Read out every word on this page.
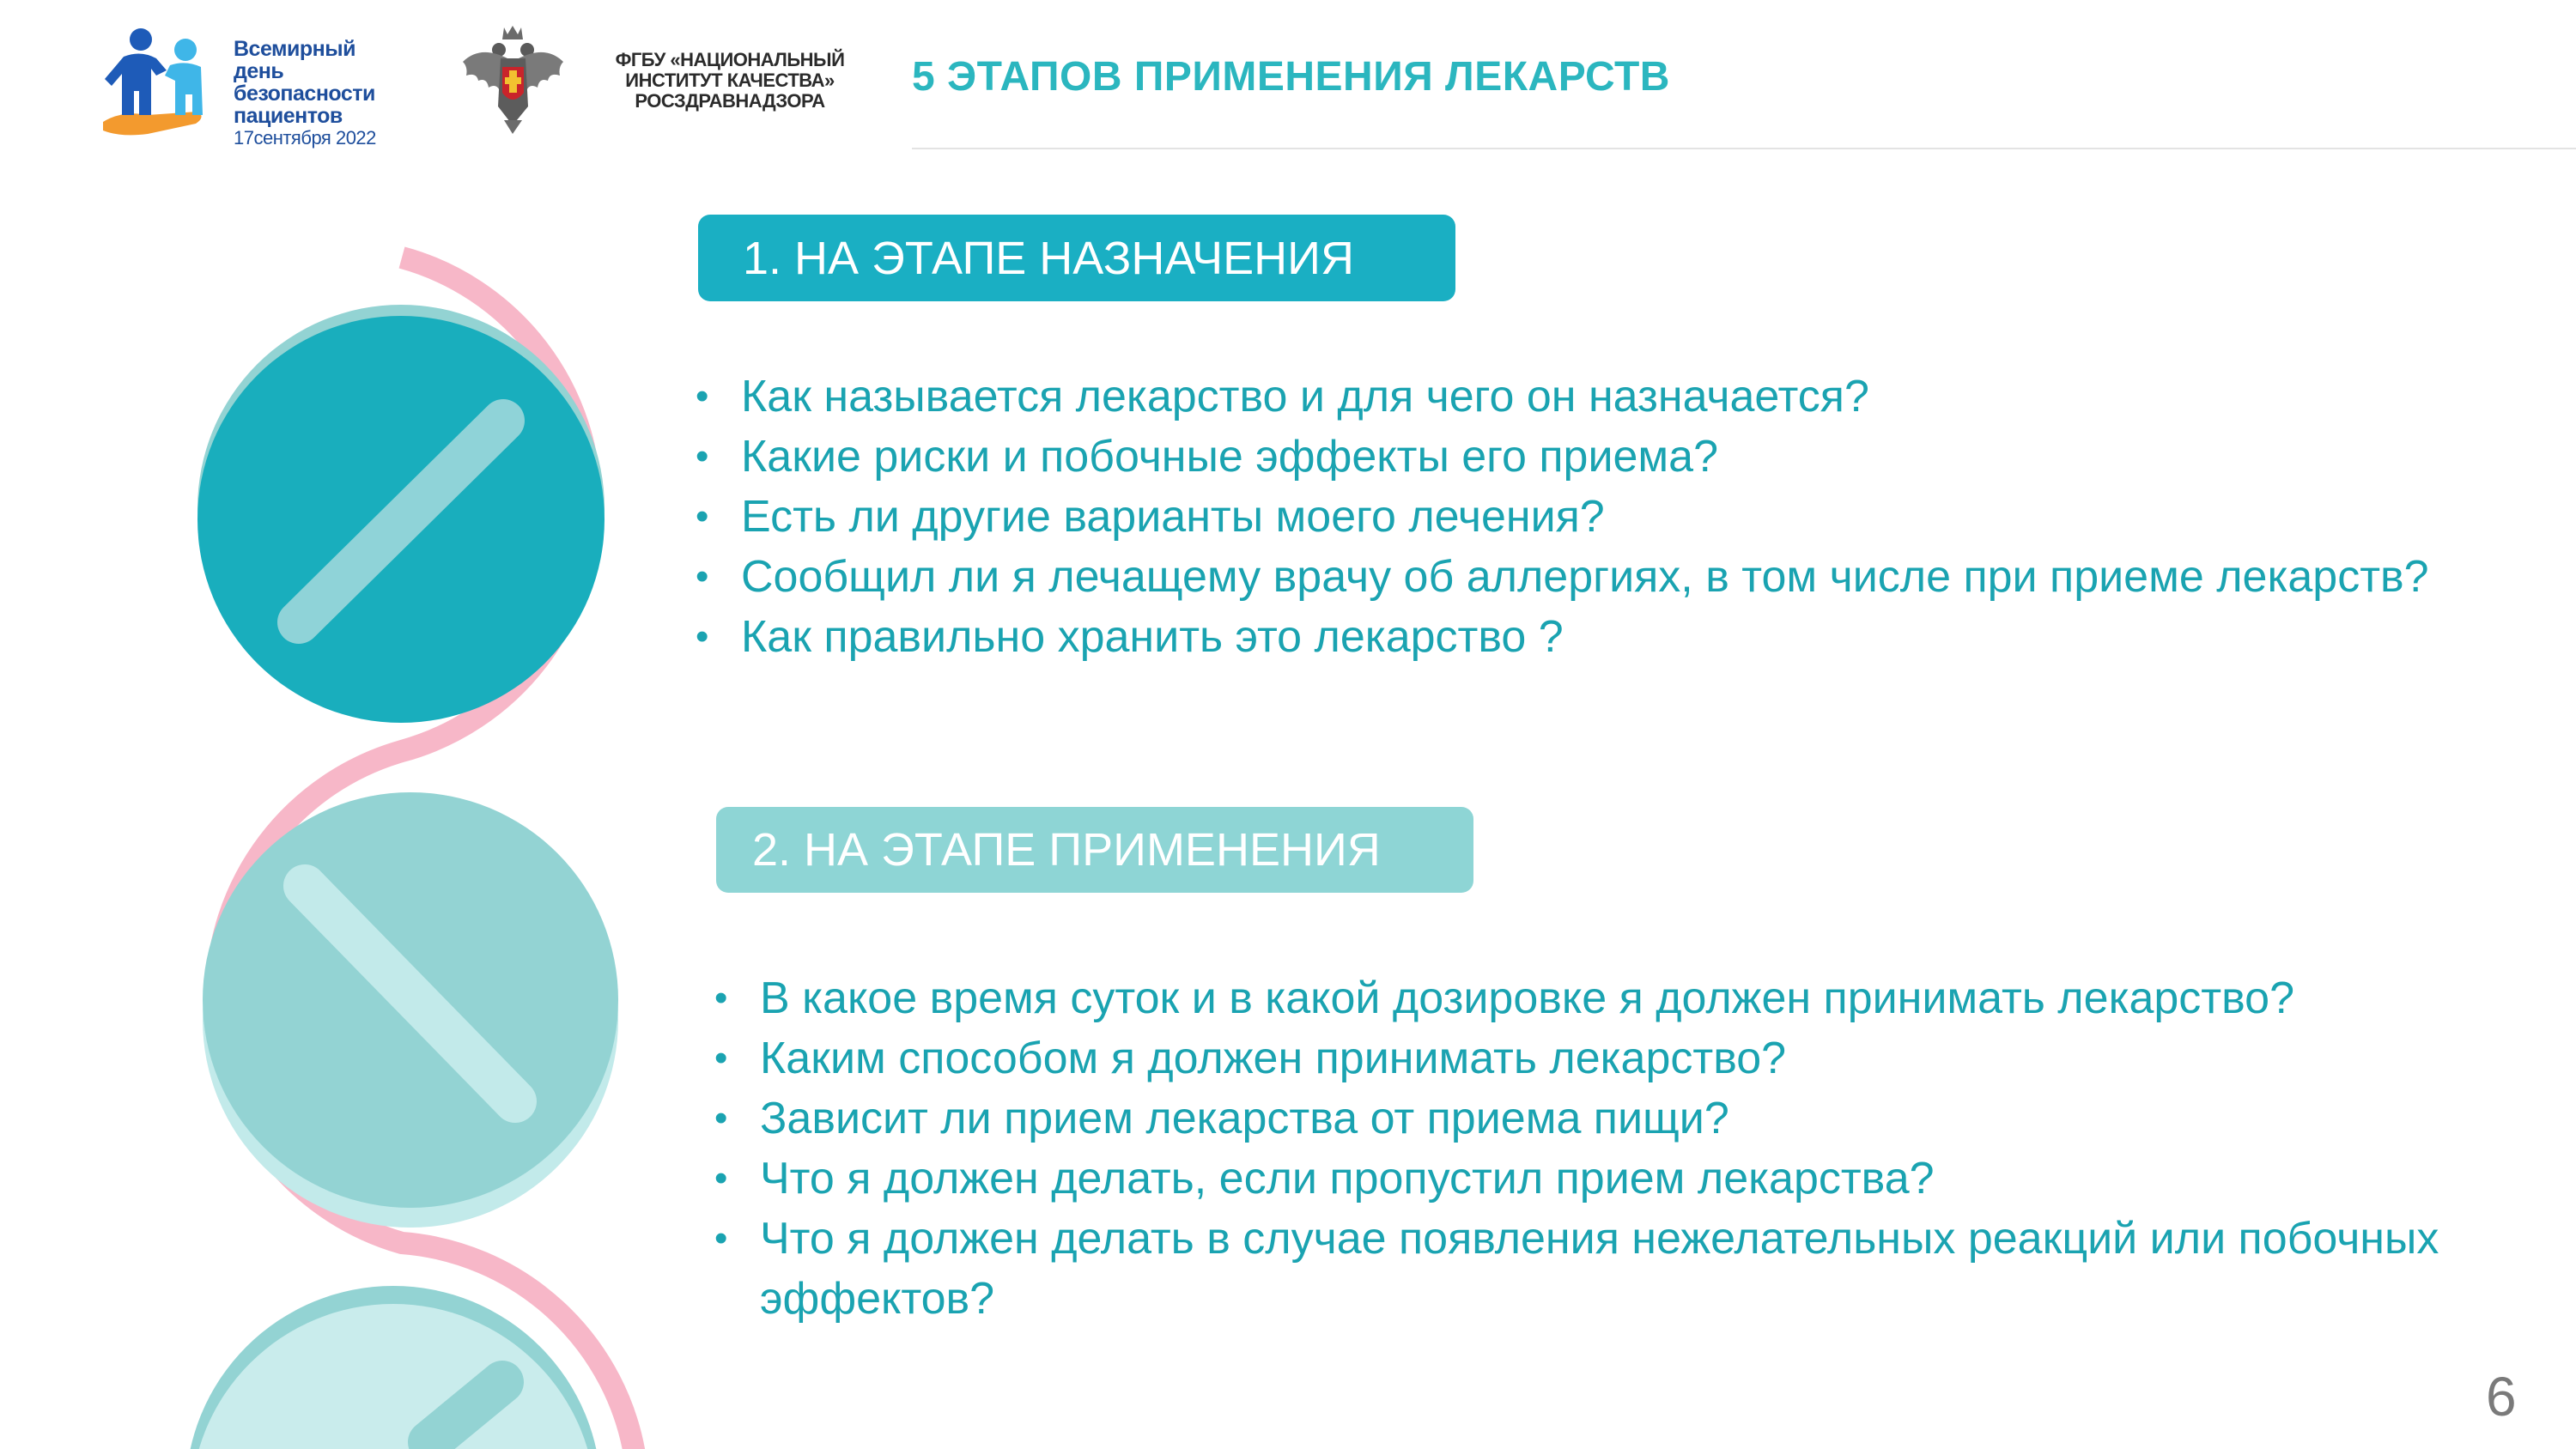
Всемирный день
безопасности
пациентов
17сентября 2022
ФГБУ «НАЦИОНАЛЬНЫЙ
ИНСТИТУТ КАЧЕСТВА»
РОСЗДРАВНАДЗОРА
5 ЭТАПОВ ПРИМЕНЕНИЯ ЛЕКАРСТВ
1. НА ЭТАПЕ НАЗНАЧЕНИЯ
• Как называется лекарство и для чего он назначается?
• Какие риски и побочные эффекты его приема?
• Есть ли другие варианты моего лечения?
• Сообщил ли я лечащему врачу об аллергиях, в том числе при приеме лекарств?
• Как правильно хранить это лекарство ?
2. НА ЭТАПЕ ПРИМЕНЕНИЯ
• В какое время суток и в какой дозировке я должен принимать лекарство?
• Каким способом я должен принимать лекарство?
• Зависит ли прием лекарства от приема пищи?
• Что я должен делать, если пропустил прием лекарства?
• Что я должен делать в случае появления нежелательных реакций или побочных эффектов?
6
